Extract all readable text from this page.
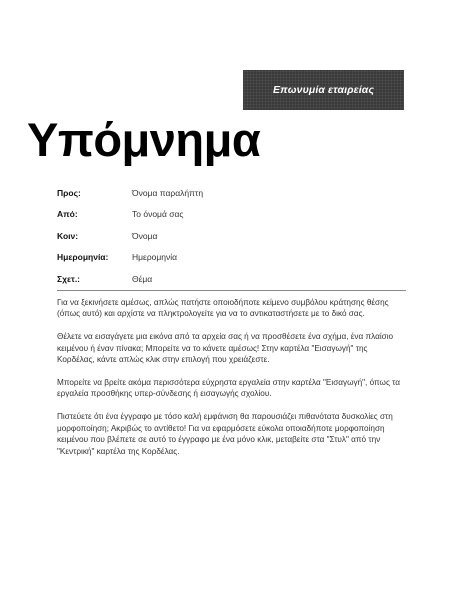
Επωνυμία εταιρείας
Υπόμνημα
Προς:	Όνομα παραλήπτη
Από:	Το όνομά σας
Κοιν:	Όνομα
Ημερομηνία:	Ημερομηνία
Σχετ.:	Θέμα

Για να ξεκινήσετε αμέσως, απλώς πατήστε οποιοδήποτε κείμενο συμβόλου κράτησης θέσης (όπως αυτό) και αρχίστε να πληκτρολογείτε για να το αντικαταστήσετε με το δικό σας.

Θέλετε να εισαγάγετε μια εικόνα από τα αρχεία σας ή να προσθέσετε ένα σχήμα, ένα πλαίσιο κειμένου ή έναν πίνακα; Μπορείτε να το κάνετε αμέσως! Στην καρτέλα "Εισαγωγή" της Κορδέλας, κάντε απλώς κλικ στην επιλογή που χρειάζεστε.

Μπορείτε να βρείτε ακόμα περισσότερα εύχρηστα εργαλεία στην καρτέλα "Εισαγωγή", όπως τα εργαλεία προσθήκης υπερ-σύνδεσης ή εισαγωγής σχολίου.

Πιστεύετε ότι ένα έγγραφο με τόσο καλή εμφάνιση θα παρουσιάζει πιθανότατα δυσκολίες στη μορφοποίηση; Ακριβώς το αντίθετο! Για να εφαρμόσετε εύκολα οποιαδήποτε μορφοποίηση κειμένου που βλέπετε σε αυτό το έγγραφο με ένα μόνο κλικ, μεταβείτε στα "Στυλ" από την "Κεντρική" καρτέλα της Κορδέλας.
